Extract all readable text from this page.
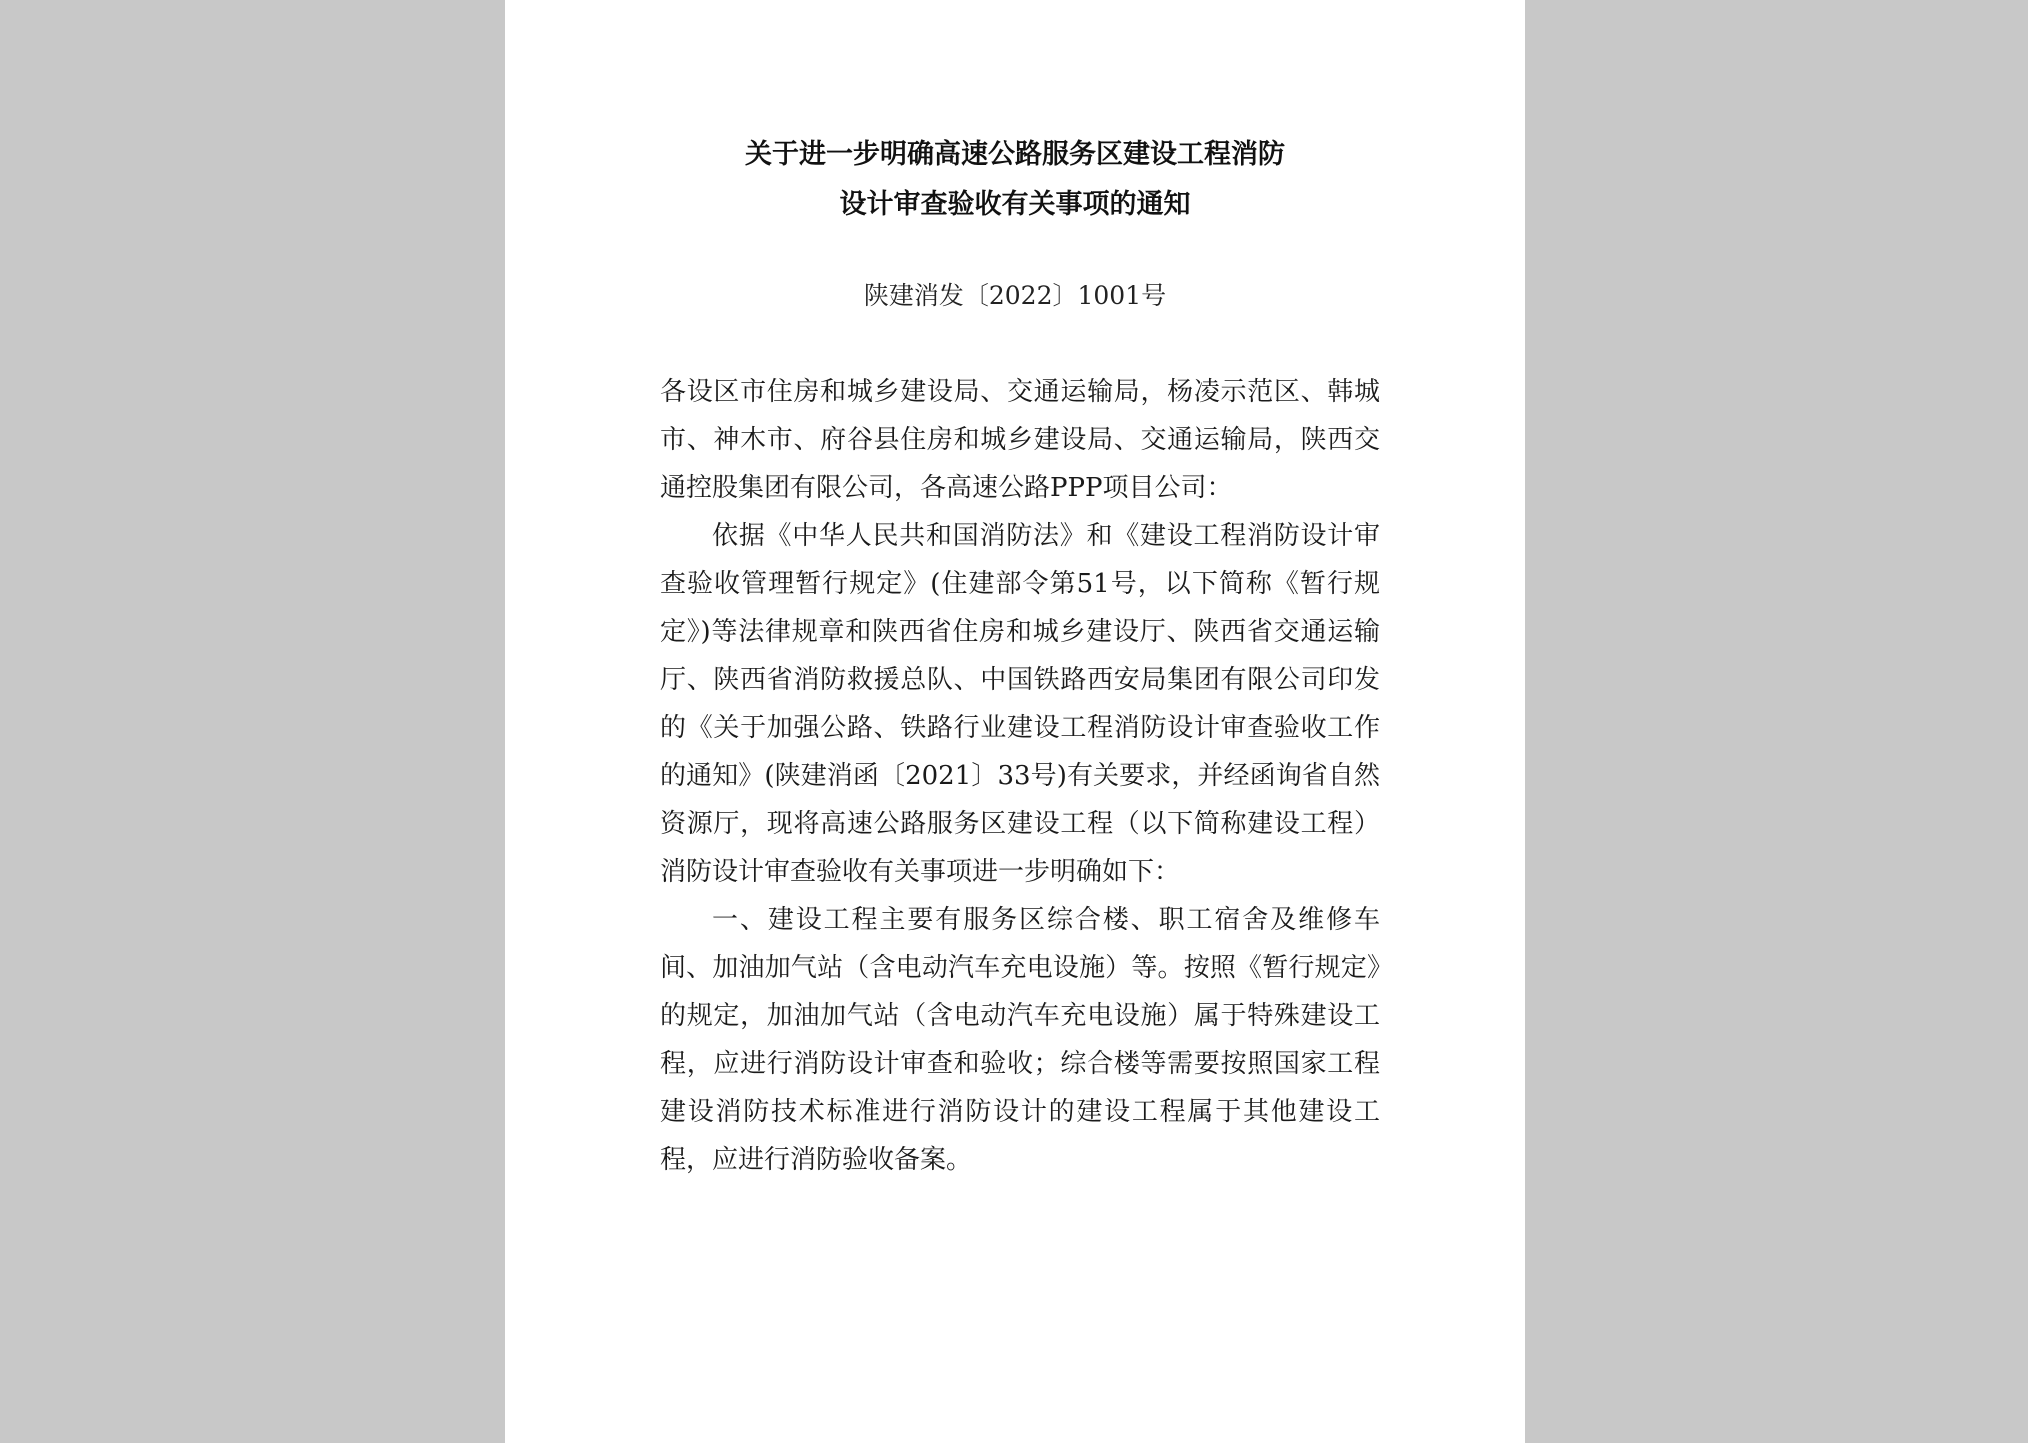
关于进一步明确高速公路服务区建设工程消防
设计审查验收有关事项的通知
陕建消发〔2022〕1001号

各设区市住房和城乡建设局、交通运输局，杨凌示范区、韩城市、神木市、府谷县住房和城乡建设局、交通运输局，陕西交通控股集团有限公司，各高速公路PPP项目公司：

依据《中华人民共和国消防法》和《建设工程消防设计审查验收管理暂行规定》(住建部令第51号，以下简称《暂行规定》)等法律规章和陕西省住房和城乡建设厅、陕西省交通运输厅、陕西省消防救援总队、中国铁路西安局集团有限公司印发的《关于加强公路、铁路行业建设工程消防设计审查验收工作的通知》(陕建消函〔2021〕33号)有关要求，并经函询省自然资源厅，现将高速公路服务区建设工程（以下简称建设工程）消防设计审查验收有关事项进一步明确如下：

一、建设工程主要有服务区综合楼、职工宿舍及维修车间、加油加气站（含电动汽车充电设施）等。按照《暂行规定》的规定，加油加气站（含电动汽车充电设施）属于特殊建设工程，应进行消防设计审查和验收；综合楼等需要按照国家工程建设消防技术标准进行消防设计的建设工程属于其他建设工程，应进行消防验收备案。
